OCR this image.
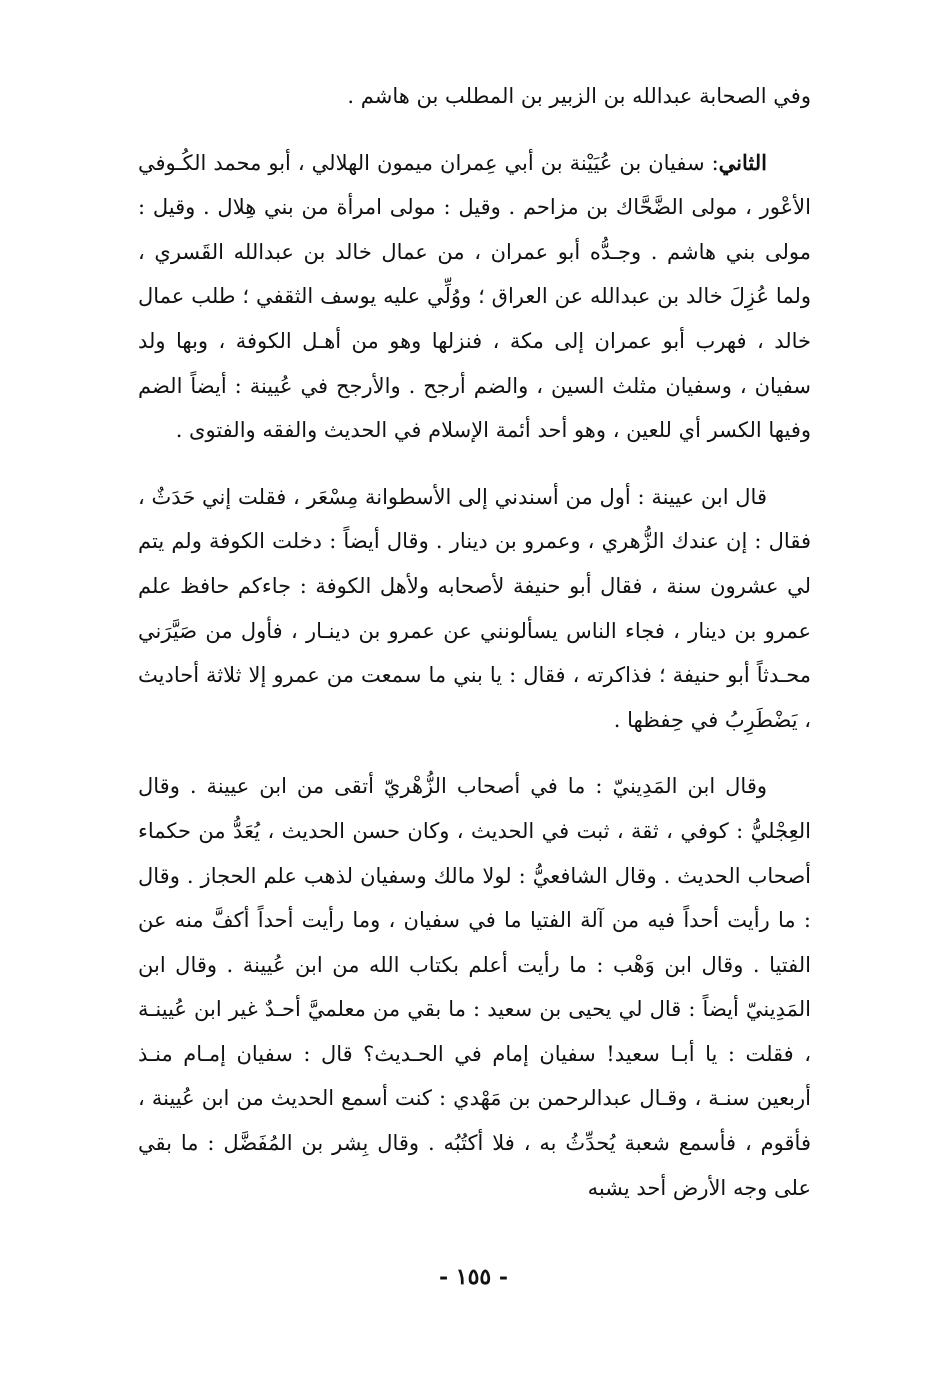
وفي الصحابة عبدالله بن الزبير بن المطلب بن هاشم .

الثاني: سفيان بن عُيَيْنة بن أبي عِمران ميمون الهلالي ، أبو محمد الكُـوفي الأعْور ، مولى الضَّحَّاك بن مزاحم . وقيل : مولى امرأة من بني هِلال . وقيل : مولى بني هاشم . وجـدُّه أبو عمران ، من عمال خالد بن عبدالله القَسري ، ولما عُزِلَ خالد بن عبدالله عن العراق ؛ ووُلِّي عليه يوسف الثقفي ؛ طلب عمال خالد ، فهرب أبو عمران إلى مكة ، فنزلها وهو من أهـل الكوفة ، وبها ولد سفيان ، وسفيان مثلث السين ، والضم أرجح . والأرجح في عُيينة : أيضاً الضم وفيها الكسر أي للعين ، وهو أحد أئمة الإسلام في الحديث والفقه والفتوى .

قال ابن عيينة : أول من أسندني إلى الأسطوانة مِسْعَر ، فقلت إني حَدَثٌ ، فقال : إن عندك الزُّهري ، وعمرو بن دينار . وقال أيضاً : دخلت الكوفة ولم يتم لي عشرون سنة ، فقال أبو حنيفة لأصحابه ولأهل الكوفة : جاءكم حافظ علم عمرو بن دينار ، فجاء الناس يسألونني عن عمرو بن دينـار ، فأول من صَيَّرَني محـدثاً أبو حنيفة ؛ فذاكرته ، فقال : يا بني ما سمعت من عمرو إلا ثلاثة أحاديث ، يَضْطَرِبُ في حِفظها .

وقال ابن المَدِينيّ : ما في أصحاب الزُّهْريّ أتقى من ابن عيينة . وقال العِجْليُّ : كوفي ، ثقة ، ثبت في الحديث ، وكان حسن الحديث ، يُعَدُّ من حكماء أصحاب الحديث . وقال الشافعيُّ : لولا مالك وسفيان لذهب علم الحجاز . وقال : ما رأيت أحداً فيه من آلة الفتيا ما في سفيان ، وما رأيت أحداً أكفَّ منه عن الفتيا . وقال ابن وَهْب : ما رأيت أعلم بكتاب الله من ابن عُيينة . وقال ابن المَدِينيّ أيضاً : قال لي يحيى بن سعيد : ما بقي من معلميَّ أحـدٌ غير ابن عُيينـة ، فقلت : يا أبـا سعيد! سفيان إمام في الحـديث؟ قال : سفيان إمـام منـذ أربعين سنـة ، وقـال عبدالرحمن بن مَهْدي : كنت أسمع الحديث من ابن عُيينة ، فأقوم ، فأسمع شعبة يُحدِّثُ به ، فلا أكتُبُه . وقال بِشر بن المُفَضَّل : ما بقي على وجه الأرض أحد يشبه

- ١٥٥ -
